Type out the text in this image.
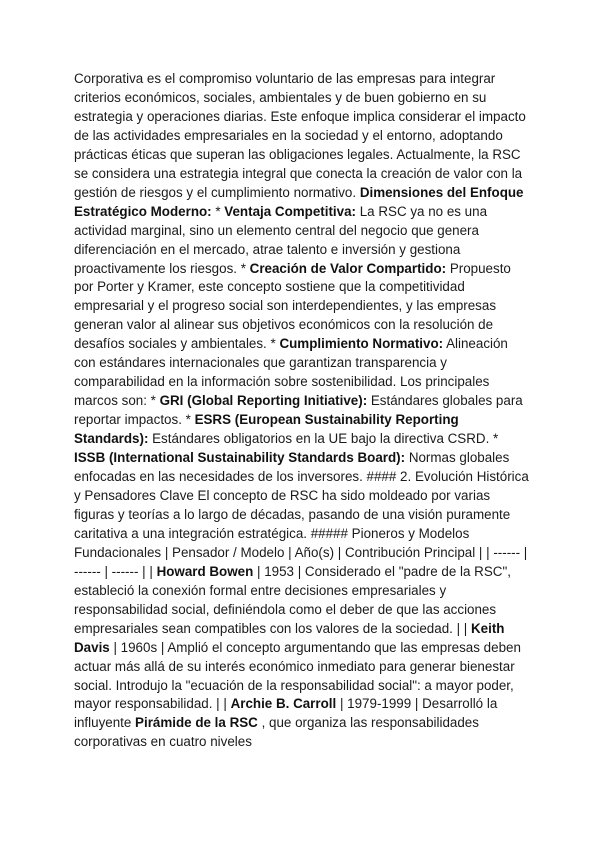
Corporativa es el compromiso voluntario de las empresas para integrar criterios económicos, sociales, ambientales y de buen gobierno en su estrategia y operaciones diarias. Este enfoque implica considerar el impacto de las actividades empresariales en la sociedad y el entorno, adoptando prácticas éticas que superan las obligaciones legales. Actualmente, la RSC se considera una estrategia integral que conecta la creación de valor con la gestión de riesgos y el cumplimiento normativo. Dimensiones del Enfoque Estratégico Moderno: * Ventaja Competitiva: La RSC ya no es una actividad marginal, sino un elemento central del negocio que genera diferenciación en el mercado, atrae talento e inversión y gestiona proactivamente los riesgos. * Creación de Valor Compartido: Propuesto por Porter y Kramer, este concepto sostiene que la competitividad empresarial y el progreso social son interdependientes, y las empresas generan valor al alinear sus objetivos económicos con la resolución de desafíos sociales y ambientales. * Cumplimiento Normativo: Alineación con estándares internacionales que garantizan transparencia y comparabilidad en la información sobre sostenibilidad. Los principales marcos son: * GRI (Global Reporting Initiative): Estándares globales para reportar impactos. * ESRS (European Sustainability Reporting Standards): Estándares obligatorios en la UE bajo la directiva CSRD. * ISSB (International Sustainability Standards Board): Normas globales enfocadas en las necesidades de los inversores. #### 2. Evolución Histórica y Pensadores Clave El concepto de RSC ha sido moldeado por varias figuras y teorías a lo largo de décadas, pasando de una visión puramente caritativa a una integración estratégica. ##### Pioneros y Modelos Fundacionales | Pensador / Modelo | Año(s) | Contribución Principal | | ------ | ------ | ------ | | Howard Bowen | 1953 | Considerado el "padre de la RSC", estableció la conexión formal entre decisiones empresariales y responsabilidad social, definiéndola como el deber de que las acciones empresariales sean compatibles con los valores de la sociedad. | | Keith Davis | 1960s | Amplió el concepto argumentando que las empresas deben actuar más allá de su interés económico inmediato para generar bienestar social. Introdujo la "ecuación de la responsabilidad social": a mayor poder, mayor responsabilidad. | | Archie B. Carroll | 1979-1999 | Desarrolló la influyente Pirámide de la RSC , que organiza las responsabilidades corporativas en cuatro niveles
